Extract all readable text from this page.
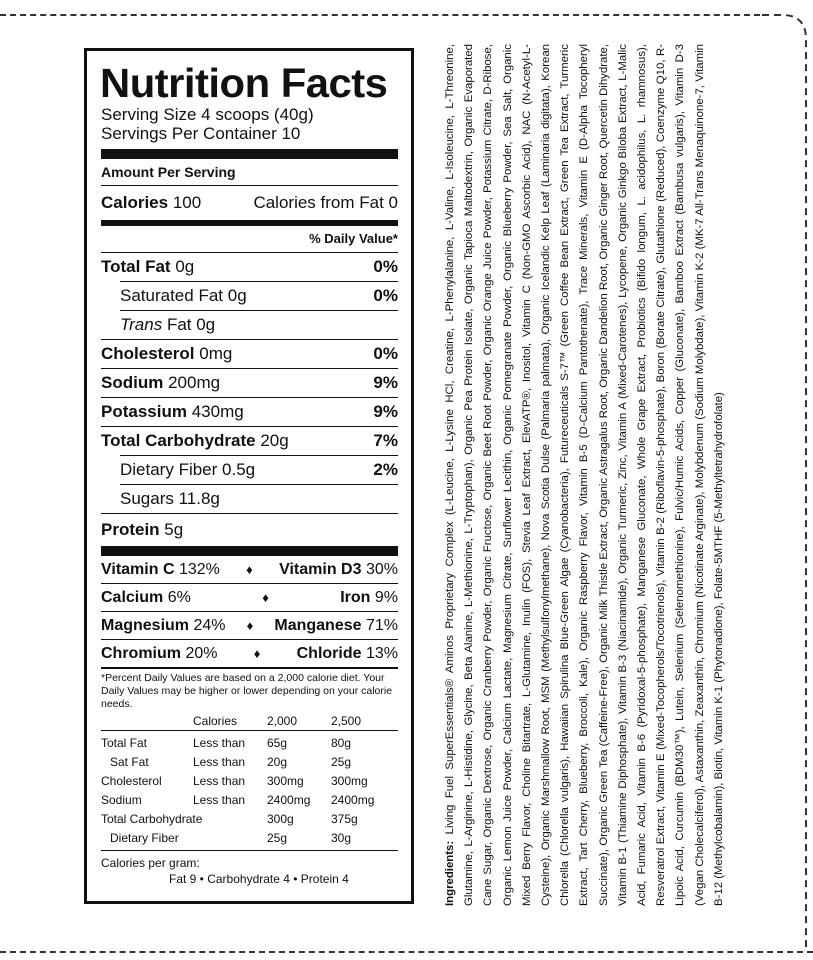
Nutrition Facts
Serving Size 4 scoops (40g)
Servings Per Container 10
Amount Per Serving
Calories 100	Calories from Fat 0
% Daily Value*
Total Fat 0g	0%
Saturated Fat 0g	0%
Trans Fat 0g
Cholesterol 0mg	0%
Sodium 200mg	9%
Potassium 430mg	9%
Total Carbohydrate 20g	7%
Dietary Fiber 0.5g	2%
Sugars 11.8g
Protein 5g
Vitamin C 132% ♦ Vitamin D3 30%
Calcium 6%	♦	Iron 9%
Magnesium 24% ♦ Manganese 71%
Chromium 20%	♦ Chloride 13%
*Percent Daily Values are based on a 2,000 calorie diet. Your Daily Values may be higher or lower depending on your calorie needs.
	Calories	2,000	2,500

Total Fat	Less than	65g	80g
Sat Fat	Less than	20g	25g
Cholesterol	Less than	300mg	300mg
Sodium	Less than	2400mg	2400mg
Total Carbohydrate		300g	375g
Dietary Fiber		25g	30g
Calories per gram:
Fat 9 • Carbohydrate 4 • Protein 4	Ingredients: Living Fuel SuperEssentials® Aminos Proprietary Complex (L-Leucine, L-Lysine HCl, Creatine, L-Phenylalanine, L-Valine, L-Isoleucine, L-Threonine, Glutamine, L-Arginine, L-Histidine, Glycine, Beta Alanine, L-Methionine, L-Tryptophan), Organic Pea Protein Isolate, Organic Tapioca Maltodextrin, Organic Evaporated Cane Sugar, Organic Dextrose, Organic Cranberry Powder, Organic Fructose, Organic Beet Root Powder, Organic Orange Juice Powder, Potassium Citrate, D-Ribose, Organic Lemon Juice Powder, Calcium Lactate, Magnesium Citrate, Sunflower Lecithin, Organic Pomegranate Powder, Organic Blueberry Powder, Sea Salt, Organic Mixed Berry Flavor, Choline Bitartrate, L-Glutamine, Inulin (FOS), Stevia Leaf Extract, ElevATP®, Inositol, Vitamin C (Non-GMO Ascorbic Acid), NAC (N-Acetyl-L-Cysteine), Organic Marshmallow Root, MSM (Methylsulfonylmethane), Nova Scotia Dulse (Palmaria palmata), Organic Icelandic Kelp Leaf (Laminaria digitata), Korean Chlorella (Chlorella vulgaris), Hawaiian Spirulina Blue-Green Algae (Cyanobacteria), Futureceuticals S-7™ (Green Coffee Bean Extract, Green Tea Extract, Turmeric Extract, Tart Cherry, Blueberry, Broccoli, Kale), Organic Raspberry Flavor, Vitamin B-5 (D-Calcium Pantothenate), Trace Minerals, Vitamin E (D-Alpha Tocopheryl Succinate), Organic Green Tea (Caffeine-Free), Organic Milk Thistle Extract, Organic Astragalus Root, Organic Dandelion Root, Organic Ginger Root, Quercetin Dihydrate, Vitamin B-1 (Thiamine Diphosphate), Vitamin B-3 (Niacinamide), Organic Turmeric, Zinc, Vitamin A (Mixed-Carotenes), Lycopene, Organic Ginkgo Biloba Extract, L-Malic Acid, Fumaric Acid, Vitamin B-6 (Pyridoxal-5-phosphate), Manganese Gluconate, Whole Grape Extract, Probiotics (Bifido longum, L. acidophilus, L. rhamnosus), Resveratrol Extract, Vitamin E (Mixed-Tocopherols/Tocotrienols), Vitamin B-2 (Riboflavin-5-phosphate), Boron (Borate Citrate), Glutathione (Reduced), Coenzyme Q10, R-Lipoic Acid, Curcumin (BDM30™), Lutein, Selenium (Selenomethionine), Fulvic/Humic Acids, Copper (Gluconate), Bamboo Extract (Bambusa vulgaris), Vitamin D-3 (Vegan Cholecalciferol), Astaxanthin, Zeaxanthin, Chromium (Nicotinate Arginate), Molybdenum (Sodium Molybdate), Vitamin K-2 (MK-7 All-Trans Menaquinone-7, Vitamin B-12 (Methylcobalamin), Biotin, Vitamin K-1 (Phytonadione), Folate-5MTHF (5-Methyltetrahydrofolate)
